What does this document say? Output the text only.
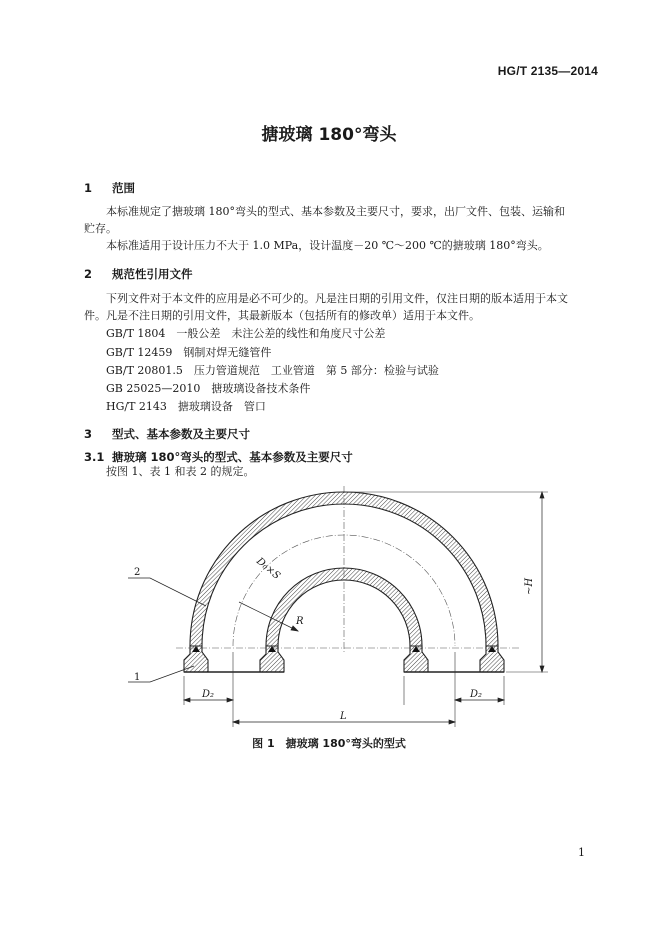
HG/T 2135—2014
搪玻璃 180°弯头
1 范围
本标准规定了搪玻璃 180°弯头的型式、基本参数及主要尺寸，要求，出厂文件、包装、运输和
贮存。
本标准适用于设计压力不大于 1.0 MPa，设计温度－20 ℃～200 ℃的搪玻璃 180°弯头。
2 规范性引用文件
下列文件对于本文件的应用是必不可少的。凡是注日期的引用文件，仅注日期的版本适用于本文
件。凡是不注日期的引用文件，其最新版本（包括所有的修改单）适用于本文件。
GB/T 1804　一般公差　未注公差的线性和角度尺寸公差
GB/T 12459　钢制对焊无缝管件
GB/T 20801.5　压力管道规范　工业管道　第 5 部分：检验与试验
GB 25025—2010　搪玻璃设备技术条件
HG/T 2143　搪玻璃设备　管口
3 型式、基本参数及主要尺寸
3.1 搪玻璃 180°弯头的型式、基本参数及主要尺寸
按图 1、表 1 和表 2 的规定。
2
1
D₀×S
R
~H
D₂	D₂
L
图 1　搪玻璃 180°弯头的型式
1
